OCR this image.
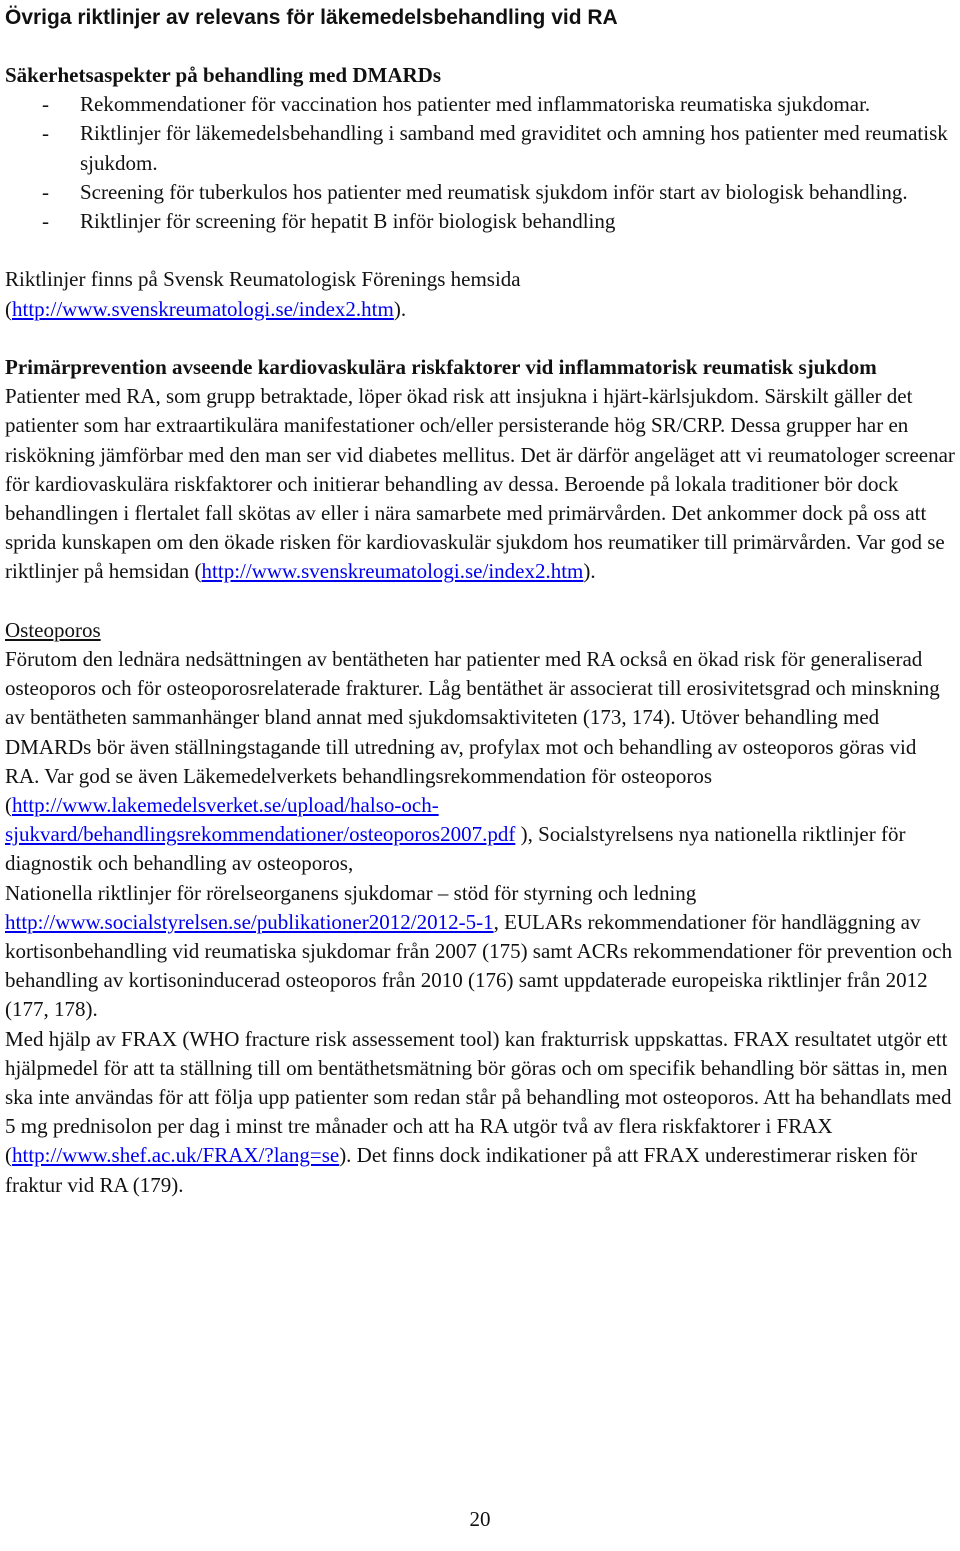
Övriga riktlinjer av relevans för läkemedelsbehandling vid RA
Säkerhetsaspekter på behandling med DMARDs
- Rekommendationer för vaccination hos patienter med inflammatoriska reumatiska sjukdomar.
- Riktlinjer för läkemedelsbehandling i samband med graviditet och amning hos patienter med reumatisk sjukdom.
- Screening för tuberkulos hos patienter med reumatisk sjukdom inför start av biologisk behandling.
- Riktlinjer för screening för hepatit B inför biologisk behandling

Riktlinjer finns på Svensk Reumatologisk Förenings hemsida
(http://www.svenskreumatologi.se/index2.htm).

Primärprevention avseende kardiovaskulära riskfaktorer vid inflammatorisk reumatisk sjukdom

Patienter med RA, som grupp betraktade, löper ökad risk att insjukna i hjärt-kärlsjukdom. Särskilt gäller det patienter som har extraartikulära manifestationer och/eller persisterande hög SR/CRP. Dessa grupper har en riskökning jämförbar med den man ser vid diabetes mellitus. Det är därför angeläget att vi reumatologer screenar för kardiovaskulära riskfaktorer och initierar behandling av dessa. Beroende på lokala traditioner bör dock behandlingen i flertalet fall skötas av eller i nära samarbete med primärvården. Det ankommer dock på oss att sprida kunskapen om den ökade risken för kardiovaskulär sjukdom hos reumatiker till primärvården. Var god se riktlinjer på hemsidan (http://www.svenskreumatologi.se/index2.htm).

Osteoporos

Förutom den lednära nedsättningen av bentätheten har patienter med RA också en ökad risk för generaliserad osteoporos och för osteoporosrelaterade frakturer. Låg bentäthet är associerat till erosivitetsgrad och minskning av bentätheten sammanhänger bland annat med sjukdomsaktiviteten (173, 174). Utöver behandling med DMARDs bör även ställningstagande till utredning av, profylax mot och behandling av osteoporos göras vid RA. Var god se även Läkemedelverkets behandlingsrekommendation för osteoporos
(http://www.lakemedelsverket.se/upload/halso-och-
sjukvard/behandlingsrekommendationer/osteoporos2007.pdf ), Socialstyrelsens nya nationella riktlinjer för diagnostik och behandling av osteoporos,

Nationella riktlinjer för rörelseorganens sjukdomar – stöd för styrning och ledning
http://www.socialstyrelsen.se/publikationer2012/2012-5-1, EULARs rekommendationer för handläggning av kortisonbehandling vid reumatiska sjukdomar från 2007 (175) samt ACRs rekommendationer för prevention och behandling av kortisoninducerad osteoporos från 2010 (176) samt uppdaterade europeiska riktlinjer från 2012 (177, 178).

Med hjälp av FRAX (WHO fracture risk assessement tool) kan frakturrisk uppskattas. FRAX resultatet utgör ett hjälpmedel för att ta ställning till om bentäthetsmätning bör göras och om specifik behandling bör sättas in, men ska inte användas för att följa upp patienter som redan står på behandling mot osteoporos. Att ha behandlats med 5 mg prednisolon per dag i minst tre månader och att ha RA utgör två av flera riskfaktorer i FRAX (http://www.shef.ac.uk/FRAX/?lang=se). Det finns dock indikationer på att FRAX underestimerar risken för fraktur vid RA (179).

20
